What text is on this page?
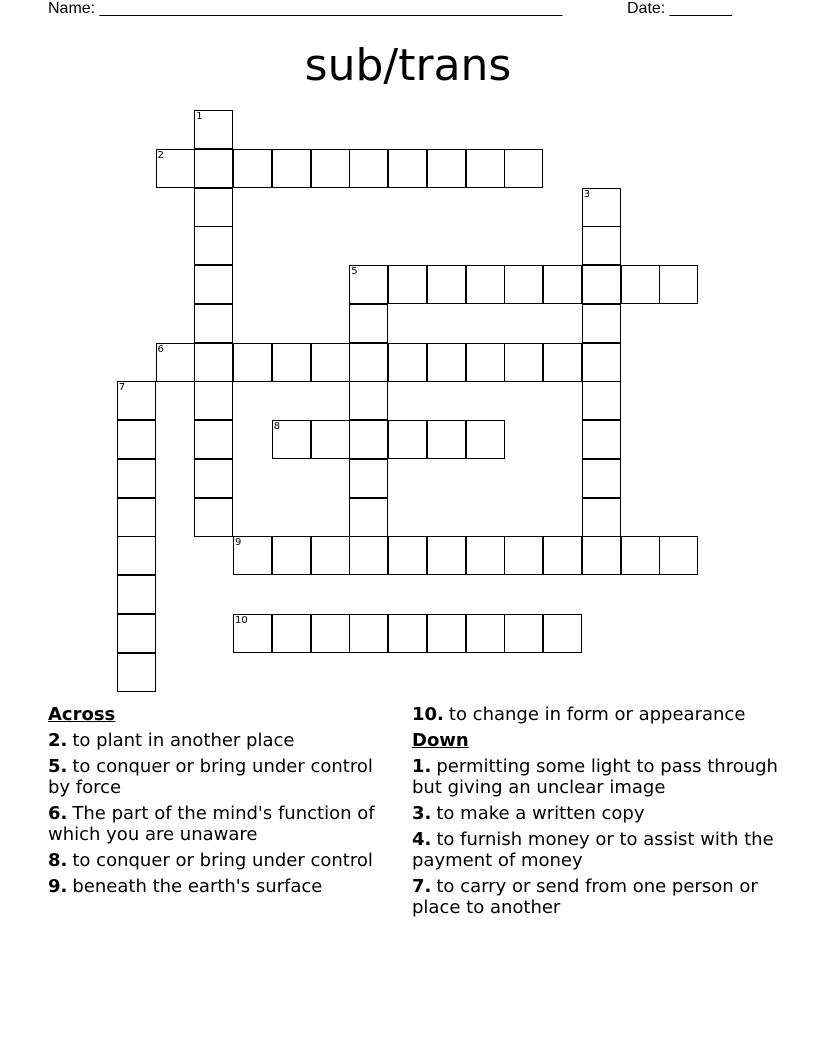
Name: ____________________________________________________	Date: _______
sub/trans
2
1
5
3
6
7
8
9
10
Across
2. to plant in another place
5. to conquer or bring under control by force
6. The part of the mind's function of which you are unaware
8. to conquer or bring under control
9. beneath the earth's surface
10. to change in form or appearance
Down
1. permitting some light to pass through but giving an unclear image
3. to make a written copy
4. to furnish money or to assist with the payment of money
7. to carry or send from one person or place to another
